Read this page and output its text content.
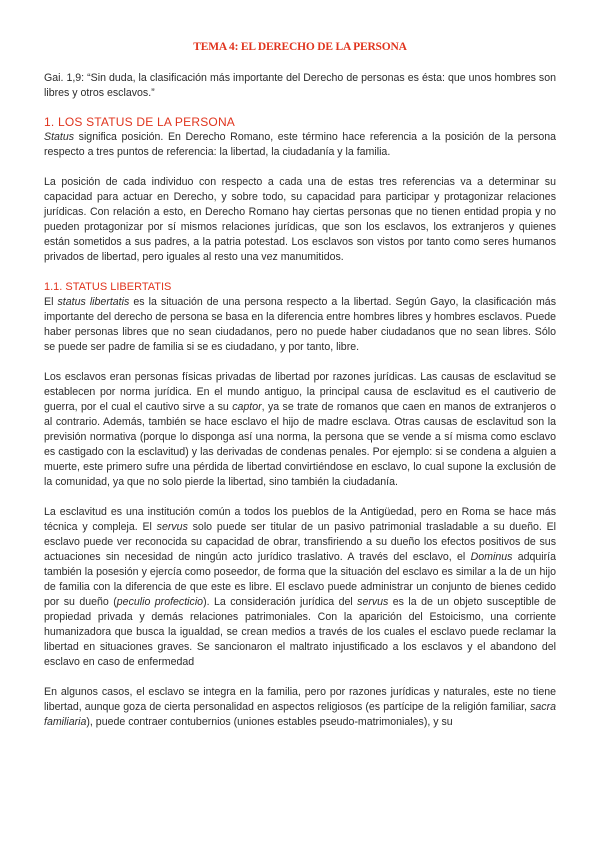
TEMA 4: EL DERECHO DE LA PERSONA

Gai. 1,9: “Sin duda, la clasificación más importante del Derecho de personas es ésta: que unos hombres son libres y otros esclavos.”

1. LOS STATUS DE LA PERSONA

Status significa posición. En Derecho Romano, este término hace referencia a la posición de la persona respecto a tres puntos de referencia: la libertad, la ciudadanía y la familia.

La posición de cada individuo con respecto a cada una de estas tres referencias va a determinar su capacidad para actuar en Derecho, y sobre todo, su capacidad para participar y protagonizar relaciones jurídicas. Con relación a esto, en Derecho Romano hay ciertas personas que no tienen entidad propia y no pueden protagonizar por sí mismos relaciones jurídicas, que son los esclavos, los extranjeros y quienes están sometidos a sus padres, a la patria potestad. Los esclavos son vistos por tanto como seres humanos privados de libertad, pero iguales al resto una vez manumitidos.

1.1. STATUS LIBERTATIS

El status libertatis es la situación de una persona respecto a la libertad. Según Gayo, la clasificación más importante del derecho de persona se basa en la diferencia entre hombres libres y hombres esclavos. Puede haber personas libres que no sean ciudadanos, pero no puede haber ciudadanos que no sean libres. Sólo se puede ser padre de familia si se es ciudadano, y por tanto, libre.

Los esclavos eran personas físicas privadas de libertad por razones jurídicas. Las causas de esclavitud se establecen por norma jurídica. En el mundo antiguo, la principal causa de esclavitud es el cautiverio de guerra, por el cual el cautivo sirve a su captor, ya se trate de romanos que caen en manos de extranjeros o al contrario. Además, también se hace esclavo el hijo de madre esclava. Otras causas de esclavitud son la previsión normativa (porque lo disponga así una norma, la persona que se vende a sí misma como esclavo es castigado con la esclavitud) y las derivadas de condenas penales. Por ejemplo: si se condena a alguien a muerte, este primero sufre una pérdida de libertad convirtiéndose en esclavo, lo cual supone la exclusión de la comunidad, ya que no solo pierde la libertad, sino también la ciudadanía.

La esclavitud es una institución común a todos los pueblos de la Antigüedad, pero en Roma se hace más técnica y compleja. El servus solo puede ser titular de un pasivo patrimonial trasladable a su dueño. El esclavo puede ver reconocida su capacidad de obrar, transfiriendo a su dueño los efectos positivos de sus actuaciones sin necesidad de ningún acto jurídico traslativo. A través del esclavo, el Dominus adquiría también la posesión y ejercía como poseedor, de forma que la situación del esclavo es similar a la de un hijo de familia con la diferencia de que este es libre. El esclavo puede administrar un conjunto de bienes cedido por su dueño (peculio profecticio). La consideración jurídica del servus es la de un objeto susceptible de propiedad privada y demás relaciones patrimoniales. Con la aparición del Estoicismo, una corriente humanizadora que busca la igualdad, se crean medios a través de los cuales el esclavo puede reclamar la libertad en situaciones graves. Se sancionaron el maltrato injustificado a los esclavos y el abandono del esclavo en caso de enfermedad

En algunos casos, el esclavo se integra en la familia, pero por razones jurídicas y naturales, este no tiene libertad, aunque goza de cierta personalidad en aspectos religiosos (es partícipe de la religión familiar, sacra familiaria), puede contraer contubernios (uniones estables pseudo-matrimoniales), y su
